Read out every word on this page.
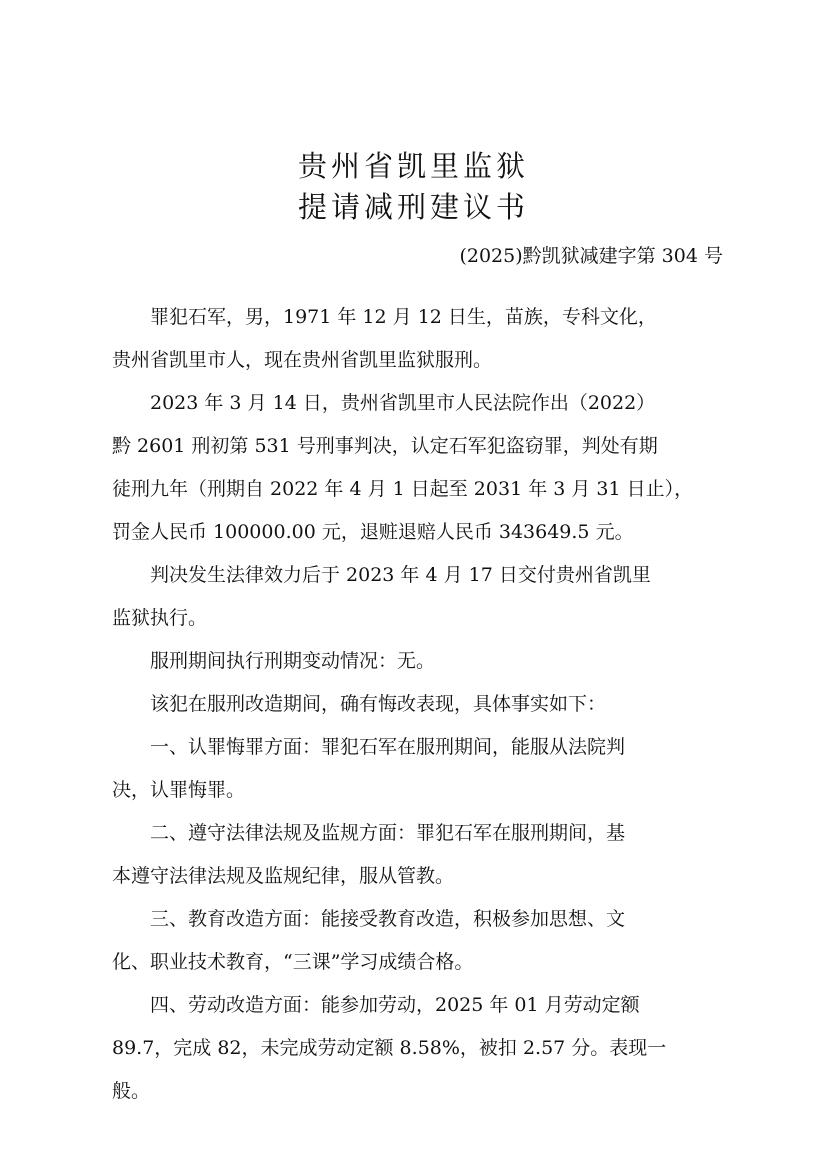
贵州省凯里监狱
提请减刑建议书
(2025)黔凯狱减建字第 304 号

罪犯石军，男，1971 年 12 月 12 日生，苗族，专科文化，
贵州省凯里市人，现在贵州省凯里监狱服刑。

2023 年 3 月 14 日，贵州省凯里市人民法院作出（2022）
黔 2601 刑初第 531 号刑事判决，认定石军犯盗窃罪，判处有期
徒刑九年（刑期自 2022 年 4 月 1 日起至 2031 年 3 月 31 日止），
罚金人民币 100000.00 元，退赃退赔人民币 343649.5 元。

判决发生法律效力后于 2023 年 4 月 17 日交付贵州省凯里
监狱执行。

服刑期间执行刑期变动情况：无。

该犯在服刑改造期间，确有悔改表现，具体事实如下：

一、认罪悔罪方面：罪犯石军在服刑期间，能服从法院判
决，认罪悔罪。

二、遵守法律法规及监规方面：罪犯石军在服刑期间，基
本遵守法律法规及监规纪律，服从管教。

三、教育改造方面：能接受教育改造，积极参加思想、文
化、职业技术教育，“三课”学习成绩合格。

四、劳动改造方面：能参加劳动，2025 年 01 月劳动定额
89.7，完成 82，未完成劳动定额 8.58%，被扣 2.57 分。表现一
般。
